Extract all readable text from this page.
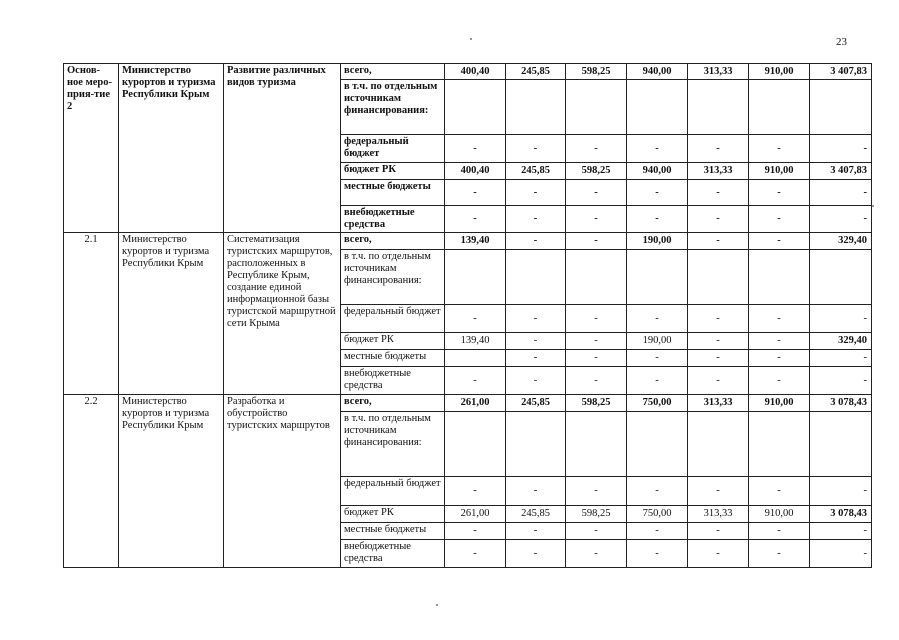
23
Основ-ное меро-прия-тие 2	Министерство курортов и туризма Республики Крым	Развитие различных видов туризма	всего,	400,40	245,85	598,25	940,00	313,33	910,00	3 407,83
			в т.ч. по отдельным источникам финансирования:							
			федеральный бюджет	-	-	-	-	-	-	-
			бюджет РК	400,40	245,85	598,25	940,00	313,33	910,00	3 407,83
			местные бюджеты	-	-	-	-	-	-	-
			внебюджетные средства	-	-	-	-	-	-	-
2.1	Министерство курортов и туризма Республики Крым	Систематизация туристских маршрутов, расположенных в Республике Крым, создание единой информационной базы туристской маршрутной сети Крыма	всего,	139,40	-	-	190,00	-	-	329,40
			в т.ч. по отдельным источникам финансирования:							
			федеральный бюджет	-	-	-	-	-	-	-
			бюджет РК	139,40	-	-	190,00	-	-	329,40
			местные бюджеты		-	-	-	-	-	-
			внебюджетные средства	-	-	-	-	-	-	-
2.2	Министерство курортов и туризма Республики Крым	Разработка и обустройство туристских маршрутов	всего,	261,00	245,85	598,25	750,00	313,33	910,00	3 078,43
			в т.ч. по отдельным источникам финансирования:							
			федеральный бюджет	-	-	-	-	-	-	-
			бюджет РК	261,00	245,85	598,25	750,00	313,33	910,00	3 078,43
			местные бюджеты	-	-	-	-	-	-	-
			внебюджетные средства	-	-	-	-	-	-	-
